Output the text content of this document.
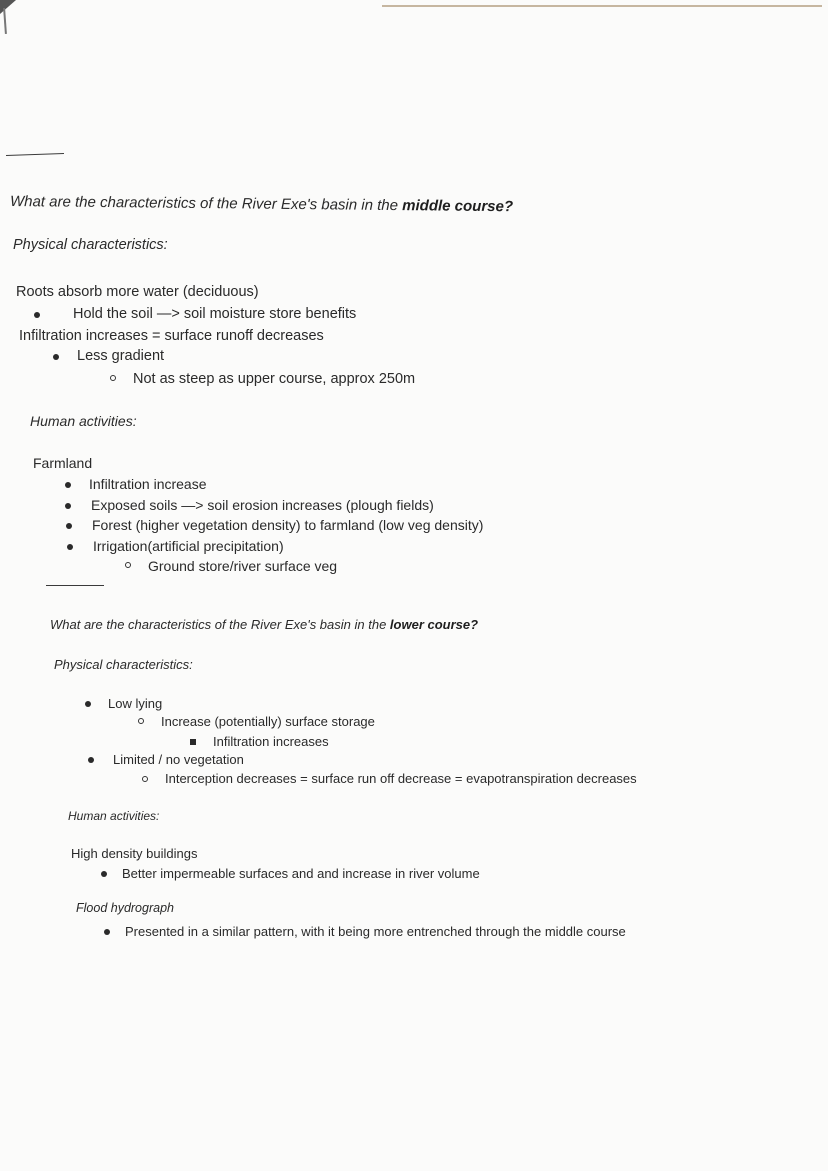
What are the characteristics of the River Exe's basin in the middle course?

Physical characteristics:

Roots absorb more water (deciduous)

Hold the soil —> soil moisture store benefits

Infiltration increases = surface runoff decreases

Less gradient

Not as steep as upper course, approx 250m

Human activities:

Farmland

Infiltration increase

Exposed soils —> soil erosion increases (plough fields)

Forest (higher vegetation density) to farmland (low veg density)

Irrigation(artificial precipitation)

Ground store/river surface veg

What are the characteristics of the River Exe's basin in the lower course?

Physical characteristics:

Low lying

Increase (potentially) surface storage

Infiltration increases

Limited / no vegetation

Interception decreases = surface run off decrease = evapotranspiration decreases

Human activities:

High density buildings

Better impermeable surfaces and and increase in river volume

Flood hydrograph

Presented in a similar pattern, with it being more entrenched through the middle course
